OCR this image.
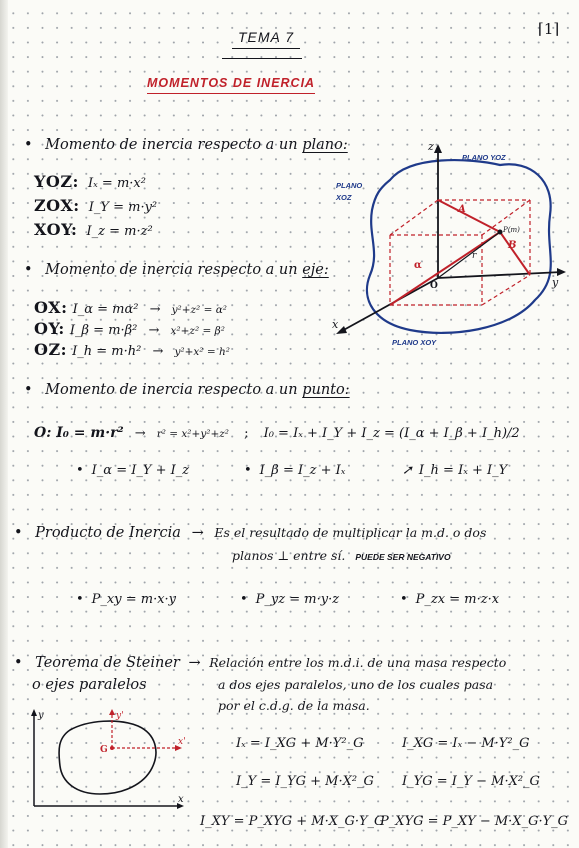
⌈1⌉
TEMA 7
MOMENTOS DE INERCIA
• Momento de inercia respecto a un plano:
YOZ: Iₓ = m·x²
ZOX: I_Y = m·y²
XOY: I_z = m·z²
• Momento de inercia respecto a un eje:
OX: I_α = mα² → y²+z² = α²
OY: I_β = m·β² → x²+z² = β²
OZ: I_h = m·h² → y²+x² = h²
PLANO YOZ
PLANO
XOZ
PLANO XOY
z
x
y
O
P(m)
A
B
α
r
• Momento de inercia respecto a un punto:
O: I₀ = m·r² → r² = x²+y²+z² ; I₀ = Iₓ + I_Y + I_z = (I_α + I_β + I_h)/2
• I_α = I_Y + I_z	• I_β = I_z + Iₓ	➚ I_h = Iₓ + I_Y
• Producto de Inercia → Es el resultado de multiplicar la m.d. o dos
planos ⊥ entre sí. PUEDE SER NEGATIVO
• P_xy = m·x·y	• P_yz = m·y·z	• P_zx = m·z·x
• Teorema de Steiner → Relación entre los m.d.i. de una masa respecto
o ejes paralelos	a dos ejes paralelos, uno de los cuales pasa
por el c.d.g. de la masa.
y
x
y'
x'
G	Iₓ = I_XG + M·Y²_G	I_XG = Iₓ − M·Y²_G
I_Y = I_YG + M·X²_G I_YG = I_Y − M·X²_G
I_XY = P_XYG + M·X_G·Y_G
P_XYG = P_XY − M·X_G·Y_G
